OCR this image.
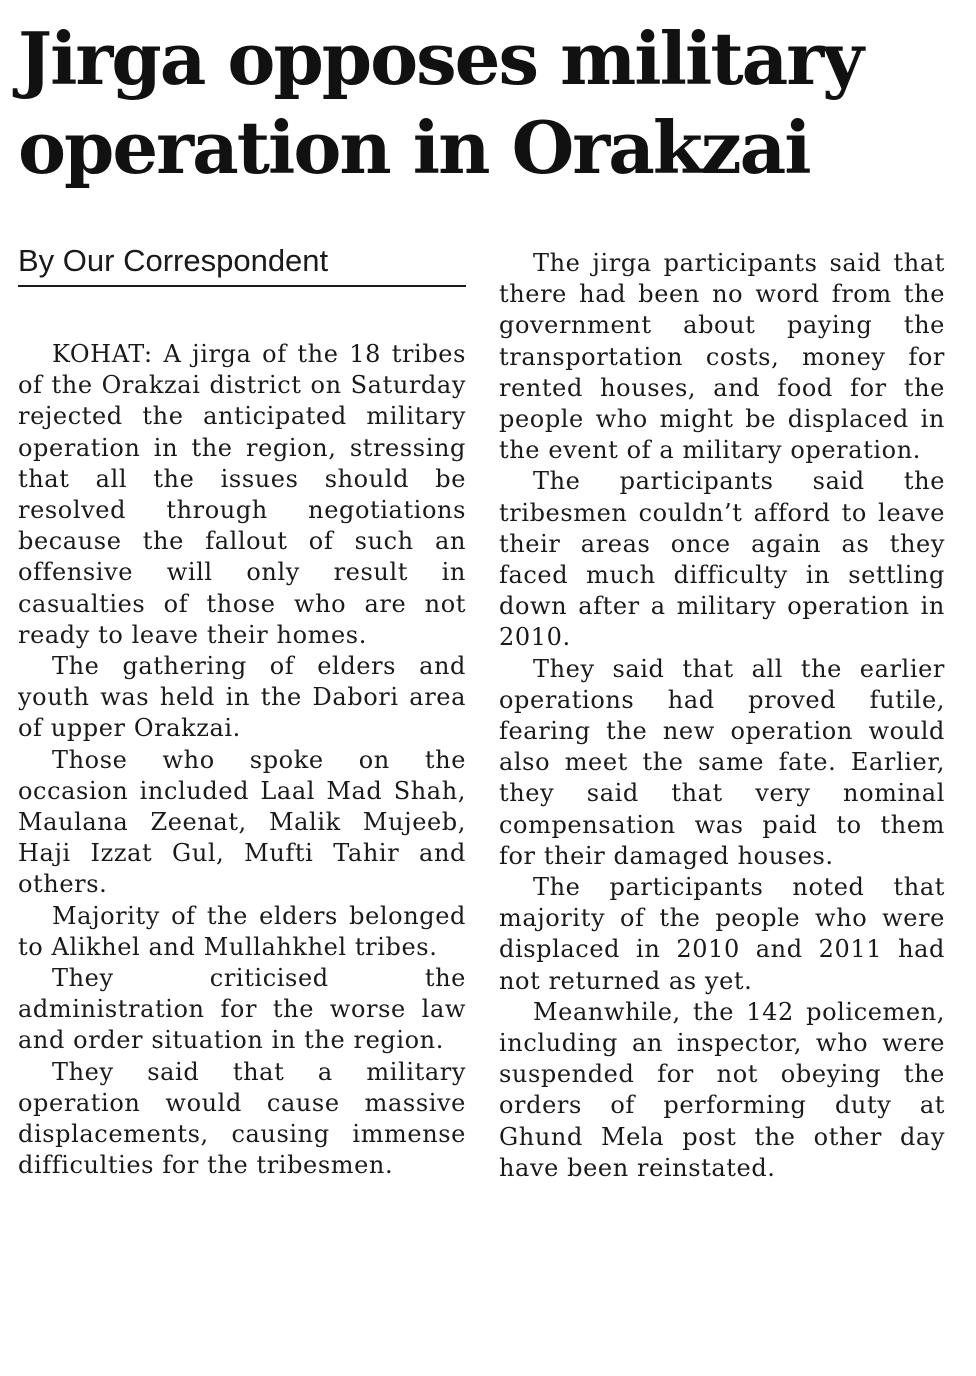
Jirga opposes military
operation in Orakzai
By Our Correspondent

KOHAT: A jirga of the 18 tribes of the Orakzai district on Saturday rejected the anticipated military operation in the region, stressing that all the issues should be resolved through negotiations because the fallout of such an offensive will only result in casualties of those who are not ready to leave their homes.

The gathering of elders and youth was held in the Dabori area of upper Orakzai.

Those who spoke on the occasion included Laal Mad Shah, Maulana Zeenat, Malik Mujeeb, Haji Izzat Gul, Mufti Tahir and others.

Majority of the elders belonged to Alikhel and Mullahkhel tribes.

They criticised the administration for the worse law and order situation in the region.

They said that a military operation would cause massive displacements, causing immense difficulties for the tribesmen.

The jirga participants said that there had been no word from the government about paying the transportation costs, money for rented houses, and food for the people who might be displaced in the event of a military operation.

The participants said the tribesmen couldn’t afford to leave their areas once again as they faced much difficulty in settling down after a military operation in 2010.

They said that all the earlier operations had proved futile, fearing the new operation would also meet the same fate. Earlier, they said that very nominal compensation was paid to them for their damaged houses.

The participants noted that majority of the people who were displaced in 2010 and 2011 had not returned as yet.

Meanwhile, the 142 policemen, including an inspector, who were suspended for not obeying the orders of performing duty at Ghund Mela post the other day have been reinstated.
